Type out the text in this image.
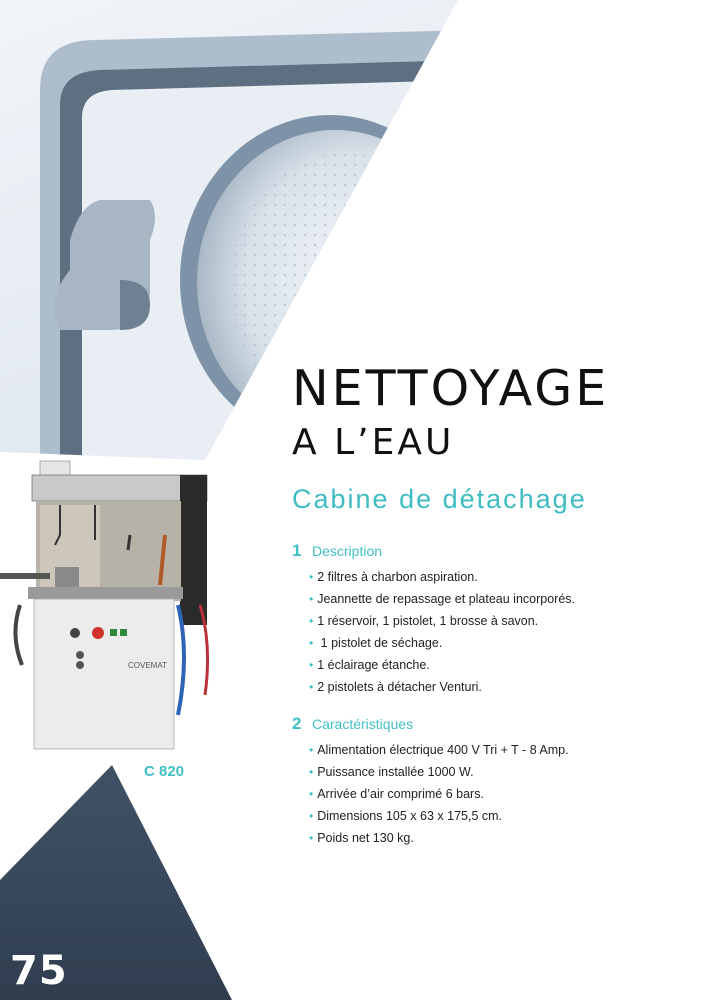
75
COVEMAT
C 820
NETTOYAGE
A L’EAU
Cabine de détachage
1 Description
• 2 filtres à charbon aspiration.
• Jeannette de repassage et plateau incorporés.
• 1 réservoir, 1 pistolet, 1 brosse à savon.
• 1 pistolet de séchage.
• 1 éclairage étanche.
• 2 pistolets à détacher Venturi.
2 Caractéristiques
• Alimentation électrique 400 V Tri + T - 8 Amp.
• Puissance installée 1000 W.
• Arrivée d’air comprimé 6 bars.
• Dimensions 105 x 63 x 175,5 cm.
• Poids net 130 kg.
